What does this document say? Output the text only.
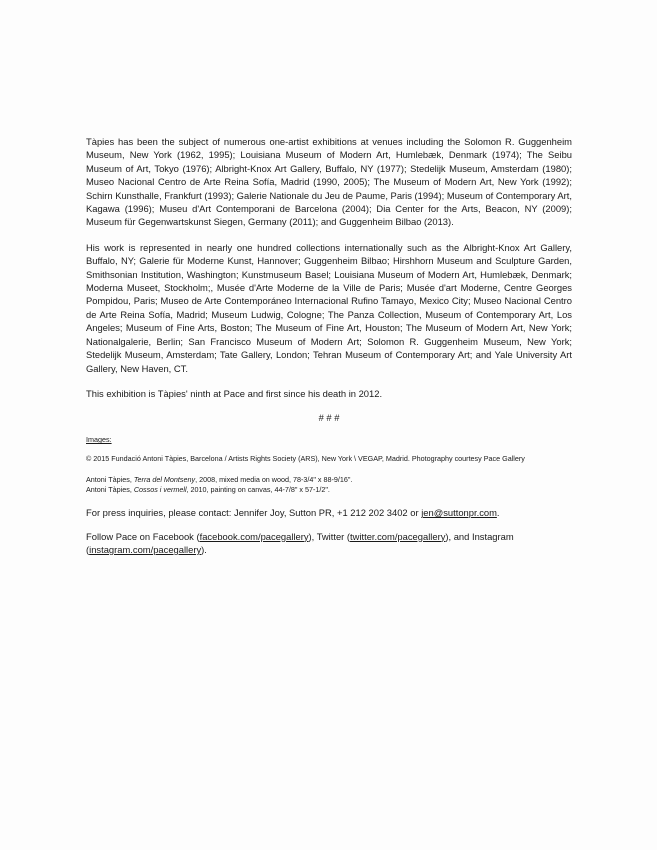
Tàpies has been the subject of numerous one-artist exhibitions at venues including the Solomon R. Guggenheim Museum, New York (1962, 1995); Louisiana Museum of Modern Art, Humlebæk, Denmark (1974); The Seibu Museum of Art, Tokyo (1976); Albright-Knox Art Gallery, Buffalo, NY (1977); Stedelijk Museum, Amsterdam (1980); Museo Nacional Centro de Arte Reina Sofía, Madrid (1990, 2005); The Museum of Modern Art, New York (1992); Schirn Kunsthalle, Frankfurt (1993); Galerie Nationale du Jeu de Paume, Paris (1994); Museum of Contemporary Art, Kagawa (1996); Museu d'Art Contemporani de Barcelona (2004); Dia Center for the Arts, Beacon, NY (2009); Museum für Gegenwartskunst Siegen, Germany (2011); and Guggenheim Bilbao (2013).

His work is represented in nearly one hundred collections internationally such as the Albright-Knox Art Gallery, Buffalo, NY; Galerie für Moderne Kunst, Hannover; Guggenheim Bilbao; Hirshhorn Museum and Sculpture Garden, Smithsonian Institution, Washington; Kunstmuseum Basel; Louisiana Museum of Modern Art, Humlebæk, Denmark; Moderna Museet, Stockholm;, Musée d'Arte Moderne de la Ville de Paris; Musée d'art Moderne, Centre Georges Pompidou, Paris; Museo de Arte Contemporáneo Internacional Rufino Tamayo, Mexico City; Museo Nacional Centro de Arte Reina Sofía, Madrid; Museum Ludwig, Cologne; The Panza Collection, Museum of Contemporary Art, Los Angeles; Museum of Fine Arts, Boston; The Museum of Fine Art, Houston; The Museum of Modern Art, New York; Nationalgalerie, Berlin; San Francisco Museum of Modern Art; Solomon R. Guggenheim Museum, New York; Stedelijk Museum, Amsterdam; Tate Gallery, London; Tehran Museum of Contemporary Art; and Yale University Art Gallery, New Haven, CT.

This exhibition is Tàpies' ninth at Pace and first since his death in 2012.

# # #

Images:

© 2015 Fundació Antoni Tàpies, Barcelona / Artists Rights Society (ARS), New York \ VEGAP, Madrid. Photography courtesy Pace Gallery

Antoni Tàpies, Terra del Montseny, 2008, mixed media on wood, 78-3/4" x 88-9/16".

Antoni Tàpies, Cossos i vermell, 2010, painting on canvas, 44-7/8" x 57-1/2".

For press inquiries, please contact: Jennifer Joy, Sutton PR, +1 212 202 3402 or jen@suttonpr.com.

Follow Pace on Facebook (facebook.com/pacegallery), Twitter (twitter.com/pacegallery), and Instagram (instagram.com/pacegallery).
